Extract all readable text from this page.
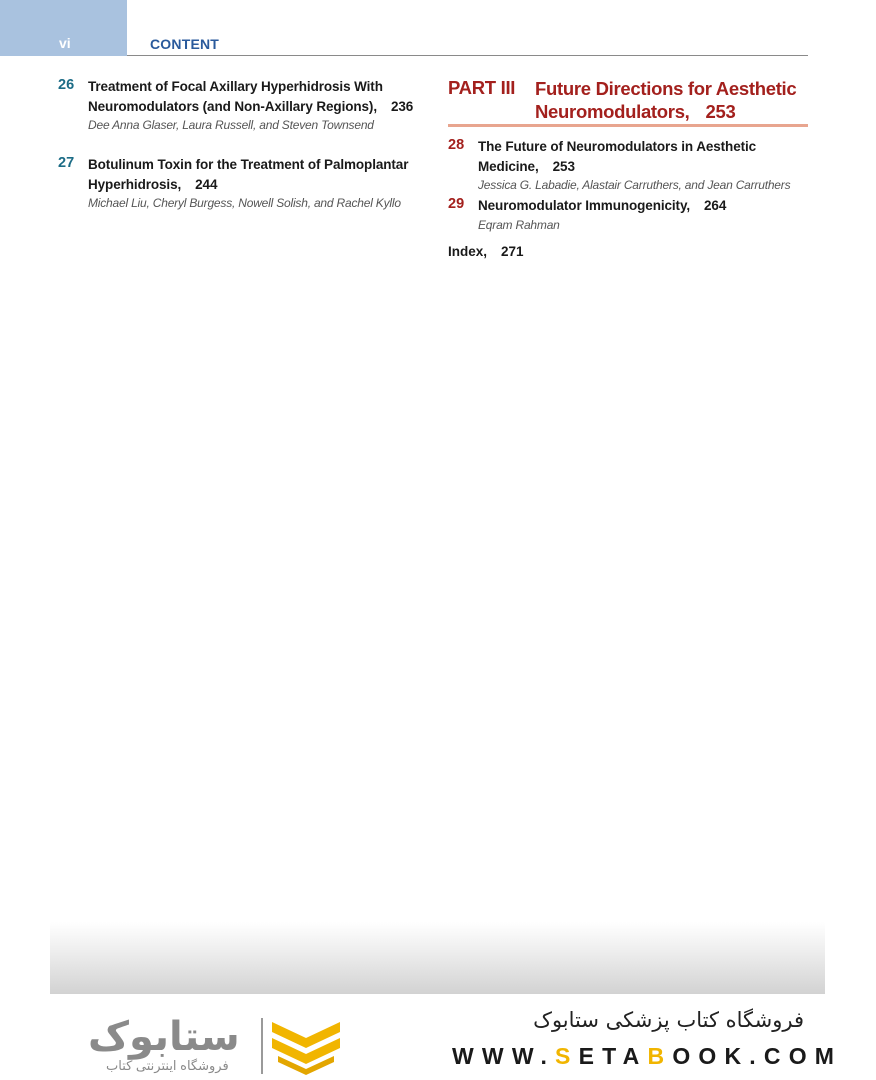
vi	CONTENT
26 Treatment of Focal Axillary Hyperhidrosis With Neuromodulators (and Non-Axillary Regions), 236
Dee Anna Glaser, Laura Russell, and Steven Townsend
27 Botulinum Toxin for the Treatment of Palmoplantar Hyperhidrosis, 244
Michael Liu, Cheryl Burgess, Nowell Solish, and Rachel Kyllo
PART III Future Directions for Aesthetic Neuromodulators, 253
28 The Future of Neuromodulators in Aesthetic Medicine, 253
Jessica G. Labadie, Alastair Carruthers, and Jean Carruthers
29 Neuromodulator Immunogenicity, 264
Eqram Rahman
Index, 271
ستابوک
فروشگاه اینترنتی کتاب
فروشگاه کتاب پزشکی ستابوک
WWW.SETABOOK.COM
